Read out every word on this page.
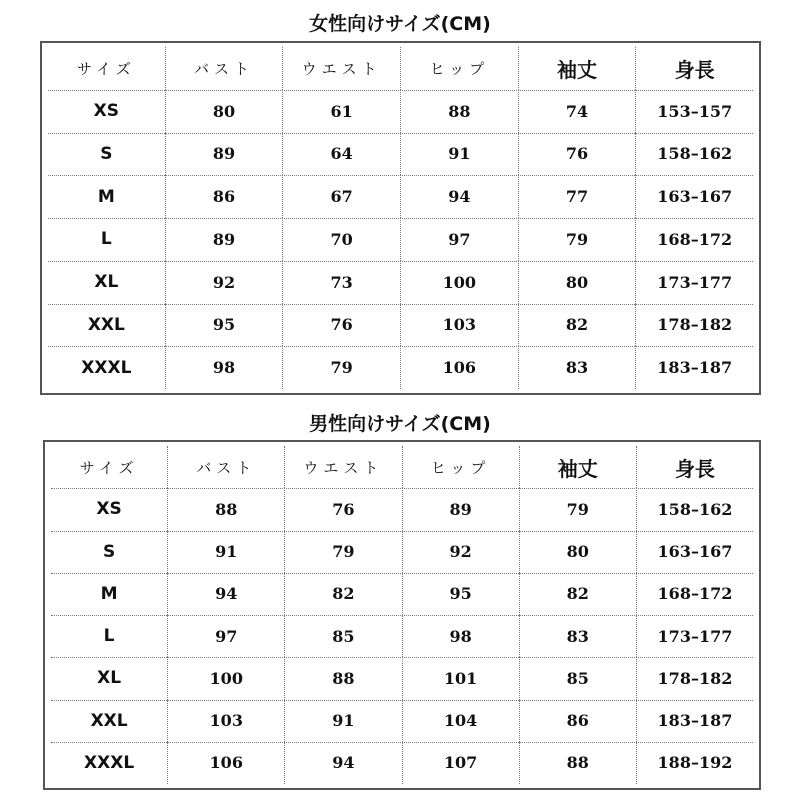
女性向けサイズ(CM)
サイズ	バスト	ウエスト	ヒップ	袖丈	身長
XS	80	61	88	74	153–157
S	89	64	91	76	158–162
M	86	67	94	77	163–167
L	89	70	97	79	168–172
XL	92	73	100	80	173–177
XXL	95	76	103	82	178–182
XXXL	98	79	106	83	183–187
男性向けサイズ(CM)
サイズ	バスト	ウエスト	ヒップ	袖丈	身長
XS	88	76	89	79	158–162
S	91	79	92	80	163–167
M	94	82	95	82	168–172
L	97	85	98	83	173–177
XL	100	88	101	85	178–182
XXL	103	91	104	86	183–187
XXXL	106	94	107	88	188–192
